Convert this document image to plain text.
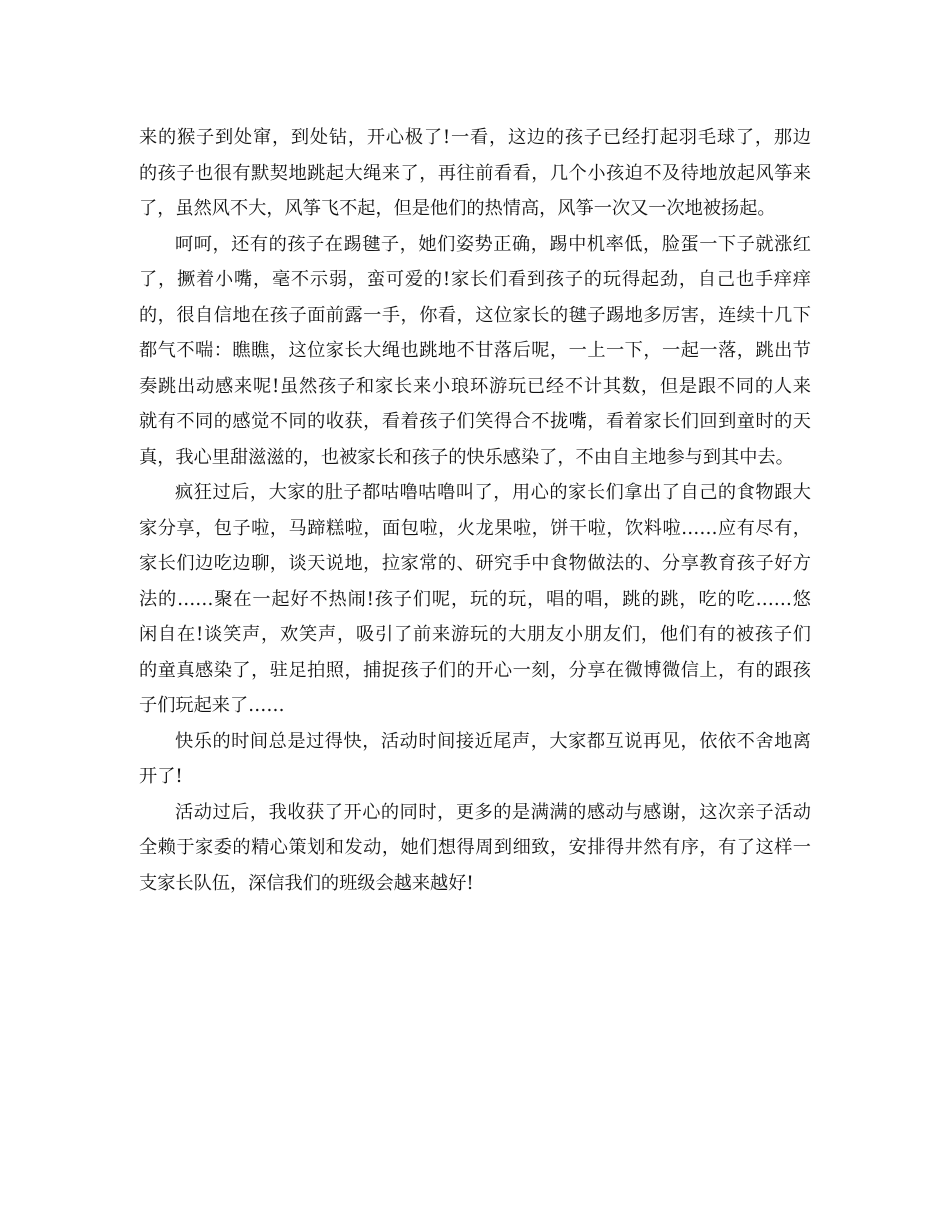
来的猴子到处窜，到处钻，开心极了!一看，这边的孩子已经打起羽毛球了，那边
的孩子也很有默契地跳起大绳来了，再往前看看，几个小孩迫不及待地放起风筝来
了，虽然风不大，风筝飞不起，但是他们的热情高，风筝一次又一次地被扬起。
呵呵，还有的孩子在踢毽子，她们姿势正确，踢中机率低，脸蛋一下子就涨红
了，撅着小嘴，毫不示弱，蛮可爱的!家长们看到孩子的玩得起劲，自己也手痒痒
的，很自信地在孩子面前露一手，你看，这位家长的毽子踢地多厉害，连续十几下
都气不喘：瞧瞧，这位家长大绳也跳地不甘落后呢，一上一下，一起一落，跳出节
奏跳出动感来呢!虽然孩子和家长来小琅环游玩已经不计其数，但是跟不同的人来
就有不同的感觉不同的收获，看着孩子们笑得合不拢嘴，看着家长们回到童时的天
真，我心里甜滋滋的，也被家长和孩子的快乐感染了，不由自主地参与到其中去。
疯狂过后，大家的肚子都咕噜咕噜叫了，用心的家长们拿出了自己的食物跟大
家分享，包子啦，马蹄糕啦，面包啦，火龙果啦，饼干啦，饮料啦……应有尽有，
家长们边吃边聊，谈天说地，拉家常的、研究手中食物做法的、分享教育孩子好方
法的……聚在一起好不热闹!孩子们呢，玩的玩，唱的唱，跳的跳，吃的吃……悠
闲自在!谈笑声，欢笑声，吸引了前来游玩的大朋友小朋友们，他们有的被孩子们
的童真感染了，驻足拍照，捕捉孩子们的开心一刻，分享在微博微信上，有的跟孩
子们玩起来了……
快乐的时间总是过得快，活动时间接近尾声，大家都互说再见，依依不舍地离
开了!
活动过后，我收获了开心的同时，更多的是满满的感动与感谢，这次亲子活动
全赖于家委的精心策划和发动，她们想得周到细致，安排得井然有序，有了这样一
支家长队伍，深信我们的班级会越来越好!
